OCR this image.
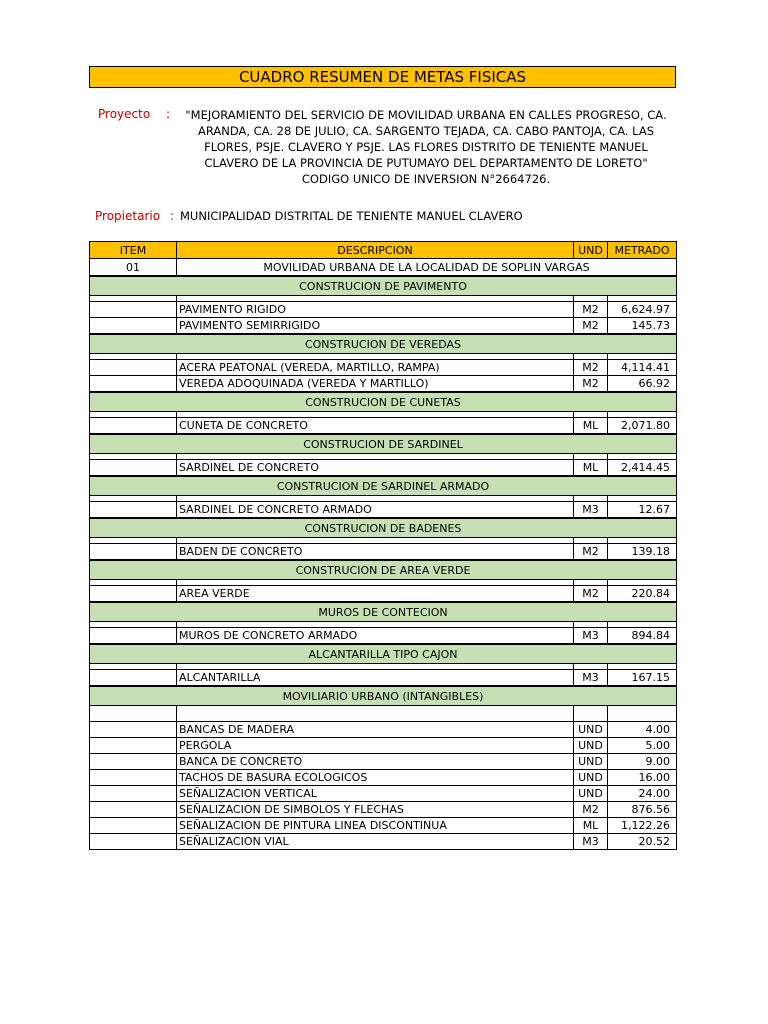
CUADRO RESUMEN DE METAS FISICAS
Proyecto :	"MEJORAMIENTO DEL SERVICIO DE MOVILIDAD URBANA EN CALLES PROGRESO, CA.
ARANDA, CA. 28 DE JULIO, CA. SARGENTO TEJADA, CA. CABO PANTOJA, CA. LAS
FLORES, PSJE. CLAVERO Y PSJE. LAS FLORES DISTRITO DE TENIENTE MANUEL
CLAVERO DE LA PROVINCIA DE PUTUMAYO DEL DEPARTAMENTO DE LORETO"
CODIGO UNICO DE INVERSION N°2664726.
Propietario : MUNICIPALIDAD DISTRITAL DE TENIENTE MANUEL CLAVERO
ITEM	DESCRIPCION	UND	METRADO
01	MOVILIDAD URBANA DE LA LOCALIDAD DE SOPLIN VARGAS		
CONSTRUCION DE PAVIMENTO			

	PAVIMENTO RIGIDO	M2	6,624.97
	PAVIMENTO SEMIRRIGIDO	M2	145.73
CONSTRUCION DE VEREDAS			

	ACERA PEATONAL (VEREDA, MARTILLO, RAMPA)	M2	4,114.41
	VEREDA ADOQUINADA (VEREDA Y MARTILLO)	M2	66.92
CONSTRUCION DE CUNETAS			

	CUNETA DE CONCRETO	ML	2,071.80
CONSTRUCION DE SARDINEL			

	SARDINEL DE CONCRETO	ML	2,414.45
CONSTRUCION DE SARDINEL ARMADO			

	SARDINEL DE CONCRETO ARMADO	M3	12.67
CONSTRUCION DE BADENES			

	BADEN DE CONCRETO	M2	139.18
CONSTRUCION DE AREA VERDE			

	AREA VERDE	M2	220.84
MUROS DE CONTECION			

	MUROS DE CONCRETO ARMADO	M3	894.84
ALCANTARILLA TIPO CAJON			

	ALCANTARILLA	M3	167.15
MOVILIARIO URBANO (INTANGIBLES)			

	BANCAS DE MADERA	UND	4.00
	PERGOLA	UND	5.00
	BANCA DE CONCRETO	UND	9.00
	TACHOS DE BASURA ECOLOGICOS	UND	16.00
	SEÑALIZACION VERTICAL	UND	24.00
	SEÑALIZACION DE SIMBOLOS Y FLECHAS	M2	876.56
	SEÑALIZACION DE PINTURA LINEA DISCONTINUA	ML	1,122.26
	SEÑALIZACION VIAL	M3	20.52
